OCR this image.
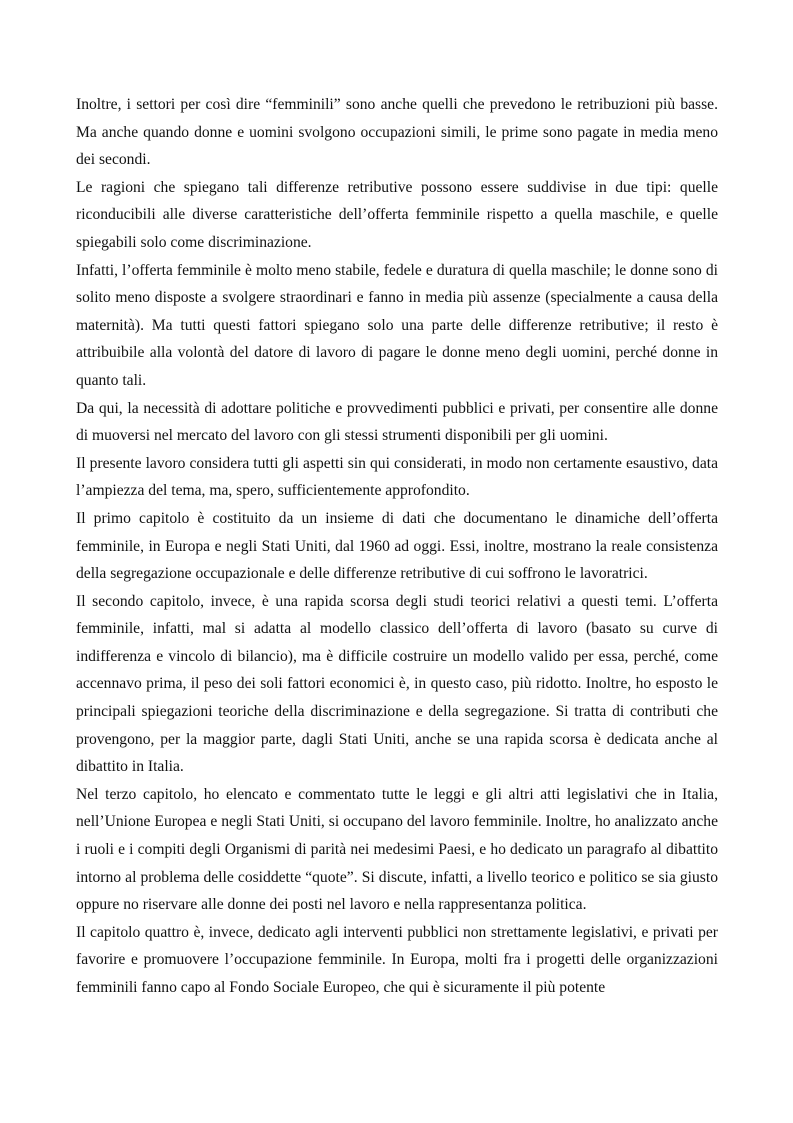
Inoltre, i settori per così dire “femminili” sono anche quelli che prevedono le retribuzioni più basse. Ma anche quando donne e uomini svolgono occupazioni simili, le prime sono pagate in media meno dei secondi.

Le ragioni che spiegano tali differenze retributive possono essere suddivise in due tipi: quelle riconducibili alle diverse caratteristiche dell’offerta femminile rispetto a quella maschile, e quelle spiegabili solo come discriminazione.

Infatti, l’offerta femminile è molto meno stabile, fedele e duratura di quella maschile; le donne sono di solito meno disposte a svolgere straordinari e fanno in media più assenze (specialmente a causa della maternità). Ma tutti questi fattori spiegano solo una parte delle differenze retributive; il resto è attribuibile alla volontà del datore di lavoro di pagare le donne meno degli uomini, perché donne in quanto tali.

Da qui, la necessità di adottare politiche e provvedimenti pubblici e privati, per consentire alle donne di muoversi nel mercato del lavoro con gli stessi strumenti disponibili per gli uomini.

Il presente lavoro considera tutti gli aspetti sin qui considerati, in modo non certamente esaustivo, data l’ampiezza del tema, ma, spero, sufficientemente approfondito.

Il primo capitolo è costituito da un insieme di dati che documentano le dinamiche dell’offerta femminile, in Europa e negli Stati Uniti, dal 1960 ad oggi. Essi, inoltre, mostrano la reale consistenza della segregazione occupazionale e delle differenze retributive di cui soffrono le lavoratrici.

Il secondo capitolo, invece, è una rapida scorsa degli studi teorici relativi a questi temi. L’offerta femminile, infatti, mal si adatta al modello classico dell’offerta di lavoro (basato su curve di indifferenza e vincolo di bilancio), ma è difficile costruire un modello valido per essa, perché, come accennavo prima, il peso dei soli fattori economici è, in questo caso, più ridotto. Inoltre, ho esposto le principali spiegazioni teoriche della discriminazione e della segregazione. Si tratta di contributi che provengono, per la maggior parte, dagli Stati Uniti, anche se una rapida scorsa è dedicata anche al dibattito in Italia.

Nel terzo capitolo, ho elencato e commentato tutte le leggi e gli altri atti legislativi che in Italia, nell’Unione Europea e negli Stati Uniti, si occupano del lavoro femminile. Inoltre, ho analizzato anche i ruoli e i compiti degli Organismi di parità nei medesimi Paesi, e ho dedicato un paragrafo al dibattito intorno al problema delle cosiddette “quote”. Si discute, infatti, a livello teorico e politico se sia giusto oppure no riservare alle donne dei posti nel lavoro e nella rappresentanza politica.

Il capitolo quattro è, invece, dedicato agli interventi pubblici non strettamente legislativi, e privati per favorire e promuovere l’occupazione femminile. In Europa, molti fra i progetti delle organizzazioni femminili fanno capo al Fondo Sociale Europeo, che qui è sicuramente il più potente
